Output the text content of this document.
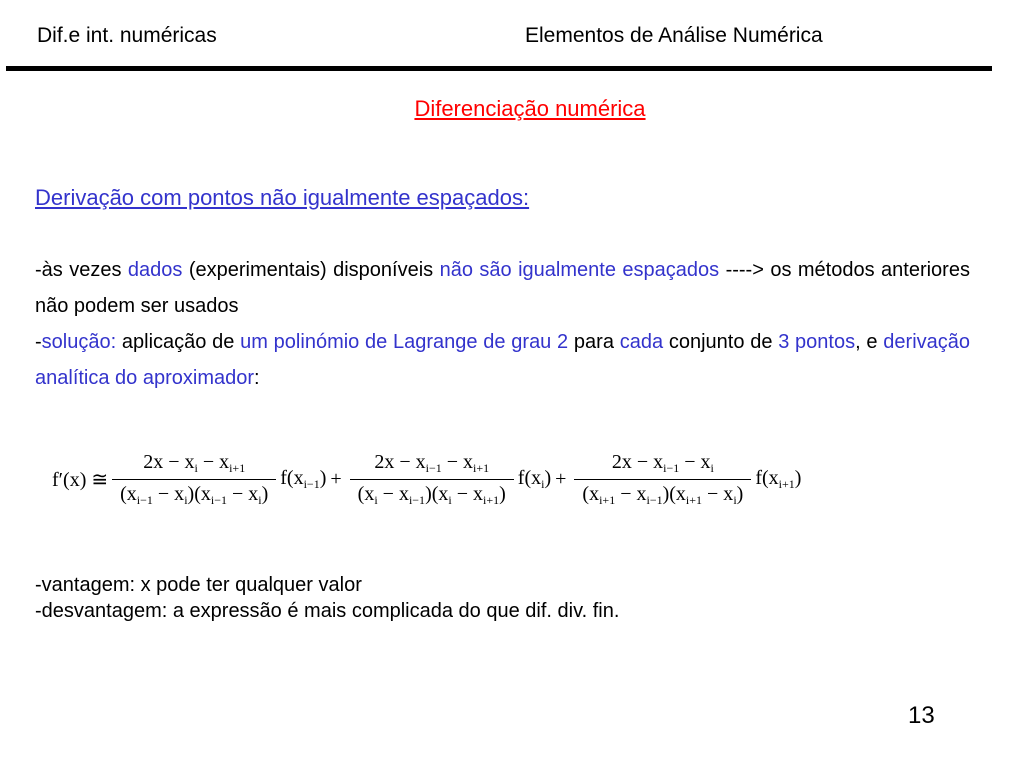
Dif.e int. numéricas	Elementos de Análise Numérica
Diferenciação numérica
Derivação com pontos não igualmente espaçados:
-às vezes dados (experimentais) disponíveis não são igualmente espaçados ----> os métodos anteriores não podem ser usados
-solução: aplicação de um polinómio de Lagrange de grau 2 para cada conjunto de 3 pontos, e derivação analítica do aproximador:
f′(x) ≅ $\frac{2x - x_i - x_{i+1}}{(x_{i-1} - x_i)(x_{i-1} - x_i)} f(x_{i-1}) + \frac{2x - x_{i-1} - x_{i+1}}{(x_i - x_{i-1})(x_i - x_{i+1})} f(x_i) + \frac{2x - x_{i-1} - x_i}{(x_{i+1} - x_{i-1})(x_{i+1} - x_i)} f(x_{i+1})$
-vantagem: x pode ter qualquer valor
-desvantagem: a expressão é mais complicada do que dif. div. fin.
13
